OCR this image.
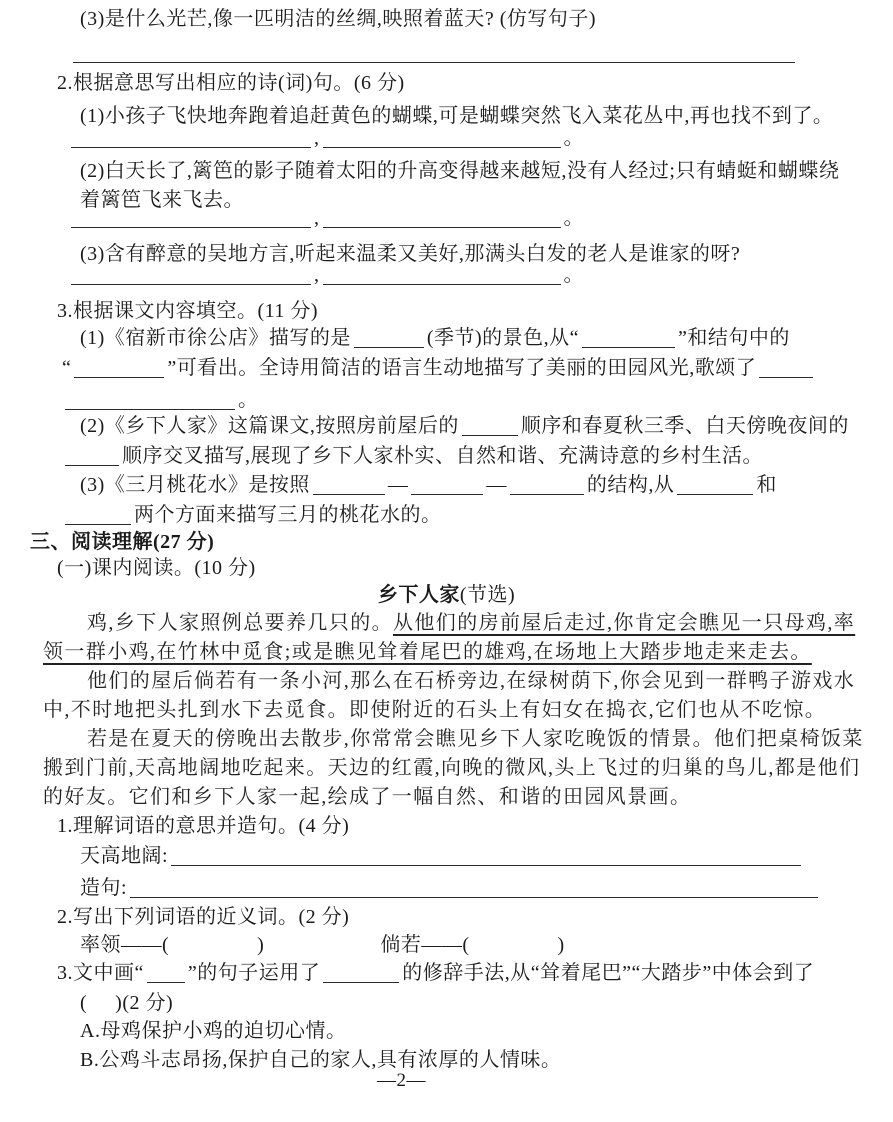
(3)是什么光芒,像一匹明洁的丝绸,映照着蓝天? (仿写句子)
2.根据意思写出相应的诗(词)句。(6 分)
(1)小孩子飞快地奔跑着追赶黄色的蝴蝶,可是蝴蝶突然飞入菜花丛中,再也找不到了。
,	。
(2)白天长了,篱笆的影子随着太阳的升高变得越来越短,没有人经过;只有蜻蜓和蝴蝶绕
着篱笆飞来飞去。
,	。
(3)含有醉意的吴地方言,听起来温柔又美好,那满头白发的老人是谁家的呀?
,	。
3.根据课文内容填空。(11 分)
(1)《宿新市徐公店》描写的是	(季节)的景色,从“	”和结句中的
“	”可看出。全诗用简洁的语言生动地描写了美丽的田园风光,歌颂了
。
(2)《乡下人家》这篇课文,按照房前屋后的	顺序和春夏秋三季、白天傍晚夜间的
顺序交叉描写,展现了乡下人家朴实、自然和谐、充满诗意的乡村生活。
(3)《三月桃花水》是按照	—	—	的结构,从	和
两个方面来描写三月的桃花水的。
三、阅读理解(27 分)
(一)课内阅读。(10 分)
乡下人家(节选)
鸡,乡下人家照例总要养几只的。从他们的房前屋后走过,你肯定会瞧见一只母鸡,率
领一群小鸡,在竹林中觅食;或是瞧见耸着尾巴的雄鸡,在场地上大踏步地走来走去。
他们的屋后倘若有一条小河,那么在石桥旁边,在绿树荫下,你会见到一群鸭子游戏水
中,不时地把头扎到水下去觅食。即使附近的石头上有妇女在捣衣,它们也从不吃惊。
若是在夏天的傍晚出去散步,你常常会瞧见乡下人家吃晚饭的情景。他们把桌椅饭菜
搬到门前,天高地阔地吃起来。天边的红霞,向晚的微风,头上飞过的归巢的鸟儿,都是他们
的好友。它们和乡下人家一起,绘成了一幅自然、和谐的田园风景画。
1.理解词语的意思并造句。(4 分)
天高地阔:
造句:
2.写出下列词语的近义词。(2 分)
率领——(	)	倘若——(	)
3.文中画“ ”的句子运用了	的修辞手法,从“耸着尾巴”“大踏步”中体会到了
( )(2 分)
A.母鸡保护小鸡的迫切心情。
B.公鸡斗志昂扬,保护自己的家人,具有浓厚的人情味。
—2—
